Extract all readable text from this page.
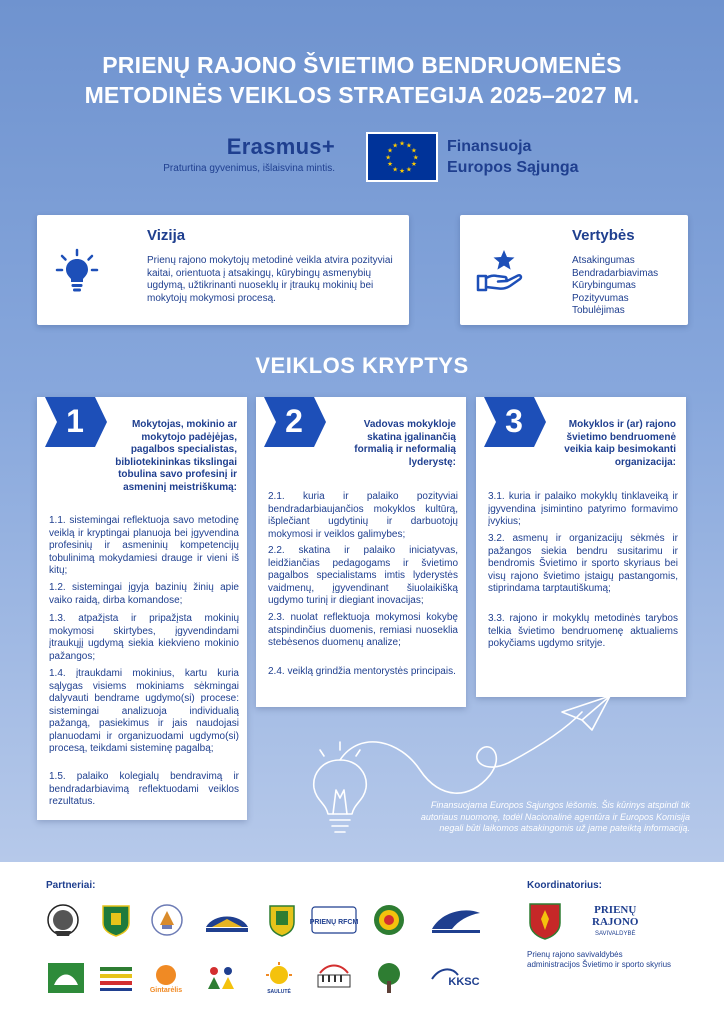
PRIENŲ RAJONO ŠVIETIMO BENDRUOMENĖS
METODINĖS VEIKLOS STRATEGIJA 2025–2027 M.
Erasmus+
Praturtina gyvenimus, išlaisvina mintis.
★ ★
★
★
★
★
★
★
★
★
★
★	Finansuoja
Europos Sąjunga
Vizija
Prienų rajono mokytojų metodinė veikla atvira pozityviai kaitai, orientuota į atsakingų, kūrybingų asmenybių ugdymą, užtikrinanti nuoseklų ir įtraukų mokinių bei mokytojų mokymosi procesą.
Vertybės
Atsakingumas
Bendradarbiavimas
Kūrybingumas
Pozityvumas
Tobulėjimas
VEIKLOS KRYPTYS
1	Mokytojas, mokinio ar mokytojo padėjėjas, pagalbos specialistas, bibliotekininkas tikslingai tobulina savo profesinį ir asmeninį meistriškumą:
1.1. sistemingai reflektuoja savo metodinę veiklą ir kryptingai planuoja bei įgyvendina profesinių ir asmeninių kompetencijų tobulinimą mokydamiesi drauge ir vieni iš kitų;
1.2. sistemingai įgyja bazinių žinių apie vaiko raidą, dirba komandose;
1.3. atpažįsta ir pripažįsta mokinių mokymosi skirtybes, įgyvendindami įtraukųjį ugdymą siekia kiekvieno mokinio pažangos;
1.4. įtraukdami mokinius, kartu kuria sąlygas visiems mokiniams sėkmingai dalyvauti bendrame ugdymo(si) procese: sistemingai analizuoja individualią pažangą, pasiekimus ir jais naudojasi planuodami ir organizuodami ugdymo(si) procesą, teikdami sisteminę pagalbą;
1.5. palaiko kolegialų bendravimą ir bendradarbiavimą reflektuodami veiklos rezultatus.
2	Vadovas mokykloje skatina įgalinančią formalią ir neformalią lyderystę:
2.1. kuria ir palaiko pozityviai bendradarbiaujančios mokyklos kultūrą, išplečiant ugdytinių ir darbuotojų mokymosi ir veiklos galimybes;
2.2. skatina ir palaiko iniciatyvas, leidžiančias pedagogams ir švietimo pagalbos specialistams imtis lyderystės vaidmenų, įgyvendinant šiuolaikišką ugdymo turinį ir diegiant inovacijas;
2.3. nuolat reflektuoja mokymosi kokybę atspindinčius duomenis, remiasi nuoseklia stebėsenos duomenų analize;
2.4. veiklą grindžia mentorystės principais.
3	Mokyklos ir (ar) rajono švietimo bendruomenė veikia kaip besimokanti organizacija:
3.1. kuria ir palaiko mokyklų tinklaveiką ir įgyvendina įsimintino patyrimo formavimo įvykius;
3.2. asmenų ir organizacijų sėkmės ir pažangos siekia bendru susitarimu ir bendromis Švietimo ir sporto skyriaus bei visų rajono švietimo įstaigų pastangomis, stiprindama tarptautiškumą;
3.3. rajono ir mokyklų metodinės tarybos telkia švietimo bendruomenę aktualiems pokyčiams ugdymo srityje.
Finansuojama Europos Sąjungos lėšomis. Šis kūrinys atspindi tik autoriaus nuomonę, todėl Nacionalinė agentūra ir Europos Komisija negali būti laikomos atsakingomis už jame pateiktą informaciją.
Partneriai:	Koordinatorius:
PRIENŲ RFCM
Gintarėlis	SAULUTĖ
KKSC
PRIENŲ
RAJONO
SAVIVALDYBĖ
Prienų rajono savivaldybės
administracijos Švietimo ir sporto skyrius
